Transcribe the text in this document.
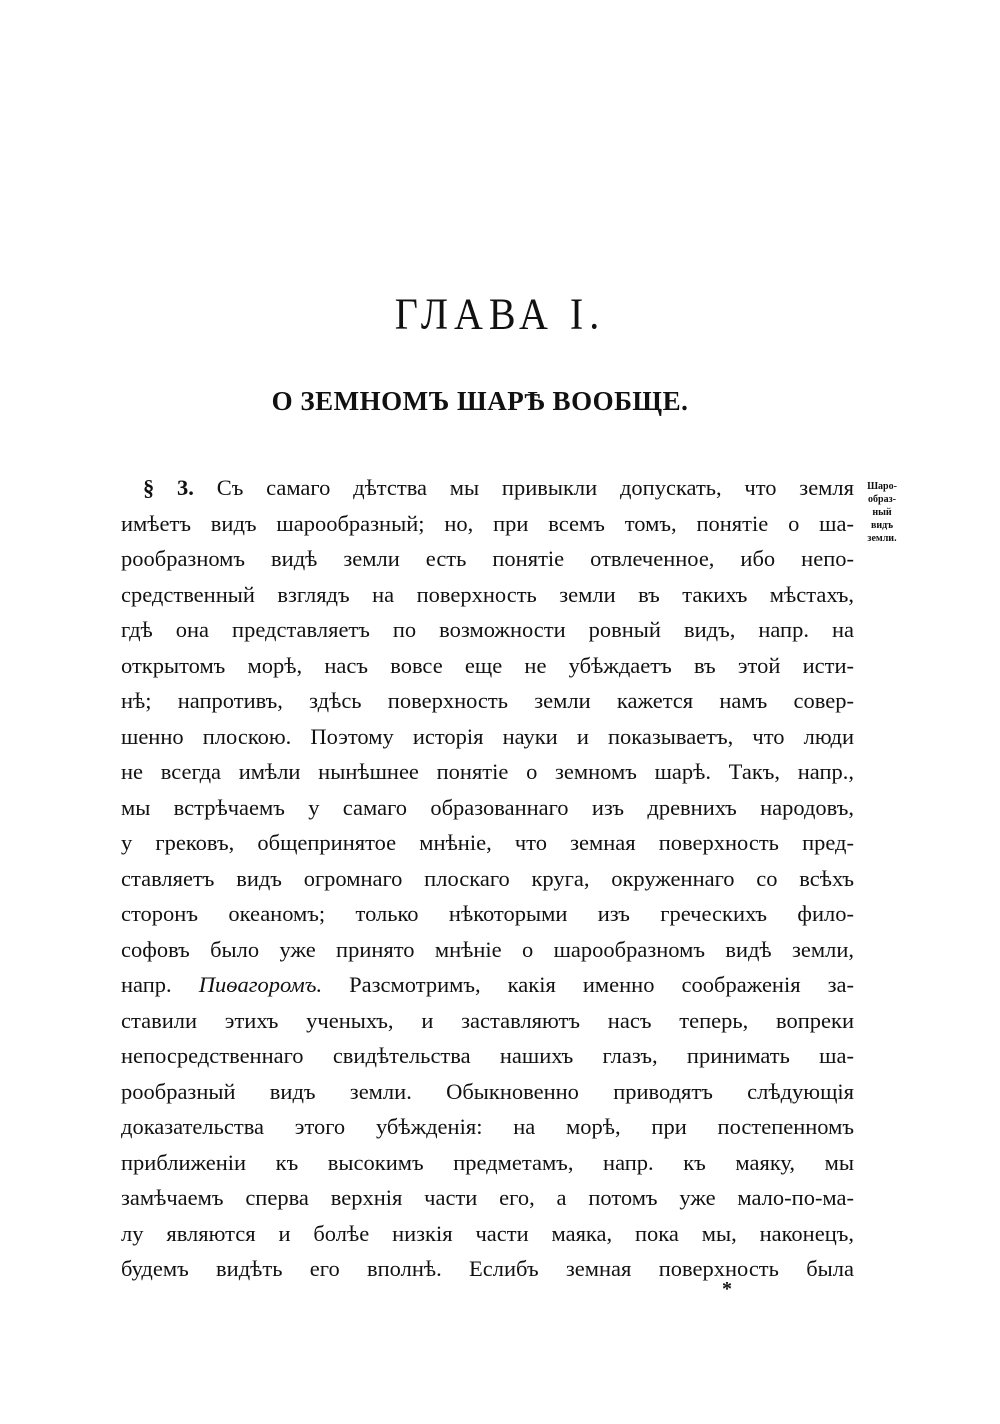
ГЛАВА I.
О ЗЕМНОМЪ ШАРѢ ВООБЩЕ.
Шаро-
образ-
ный
видъ
земли.
§ 3. Съ самаго дѣтства мы привыкли допускать, что земля
имѣетъ видъ шарообразный; но, при всемъ томъ, понятіе о ша-
рообразномъ видѣ земли есть понятіе отвлеченное, ибо непо-
средственный взглядъ на поверхность земли въ такихъ мѣстахъ,
гдѣ она представляетъ по возможности ровный видъ, напр. на
открытомъ морѣ, насъ вовсе еще не убѣждаетъ въ этой исти-
нѣ; напротивъ, здѣсь поверхность земли кажется намъ совер-
шенно плоскою. Поэтому исторія науки и показываетъ, что люди
не всегда имѣли нынѣшнее понятіе о земномъ шарѣ. Такъ, напр.,
мы встрѣчаемъ у самаго образованнаго изъ древнихъ народовъ,
у грековъ, общепринятое мнѣніе, что земная поверхность пред-
ставляетъ видъ огромнаго плоскаго круга, окруженнаго со всѣхъ
сторонъ океаномъ; только нѣкоторыми изъ греческихъ фило-
софовъ было уже принято мнѣніе о шарообразномъ видѣ земли,
напр. Пиѳагоромъ. Разсмотримъ, какія именно соображенія за-
ставили этихъ ученыхъ, и заставляютъ насъ теперь, вопреки
непосредственнаго свидѣтельства нашихъ глазъ, принимать ша-
рообразный видъ земли. Обыкновенно приводятъ слѣдующія
доказательства этого убѣжденія: на морѣ, при постепенномъ
приближеніи къ высокимъ предметамъ, напр. къ маяку, мы
замѣчаемъ сперва верхнія части его, а потомъ уже мало-по-ма-
лу являются и болѣе низкія части маяка, пока мы, наконецъ,
будемъ видѣть его вполнѣ. Еслибъ земная поверхность была
*
